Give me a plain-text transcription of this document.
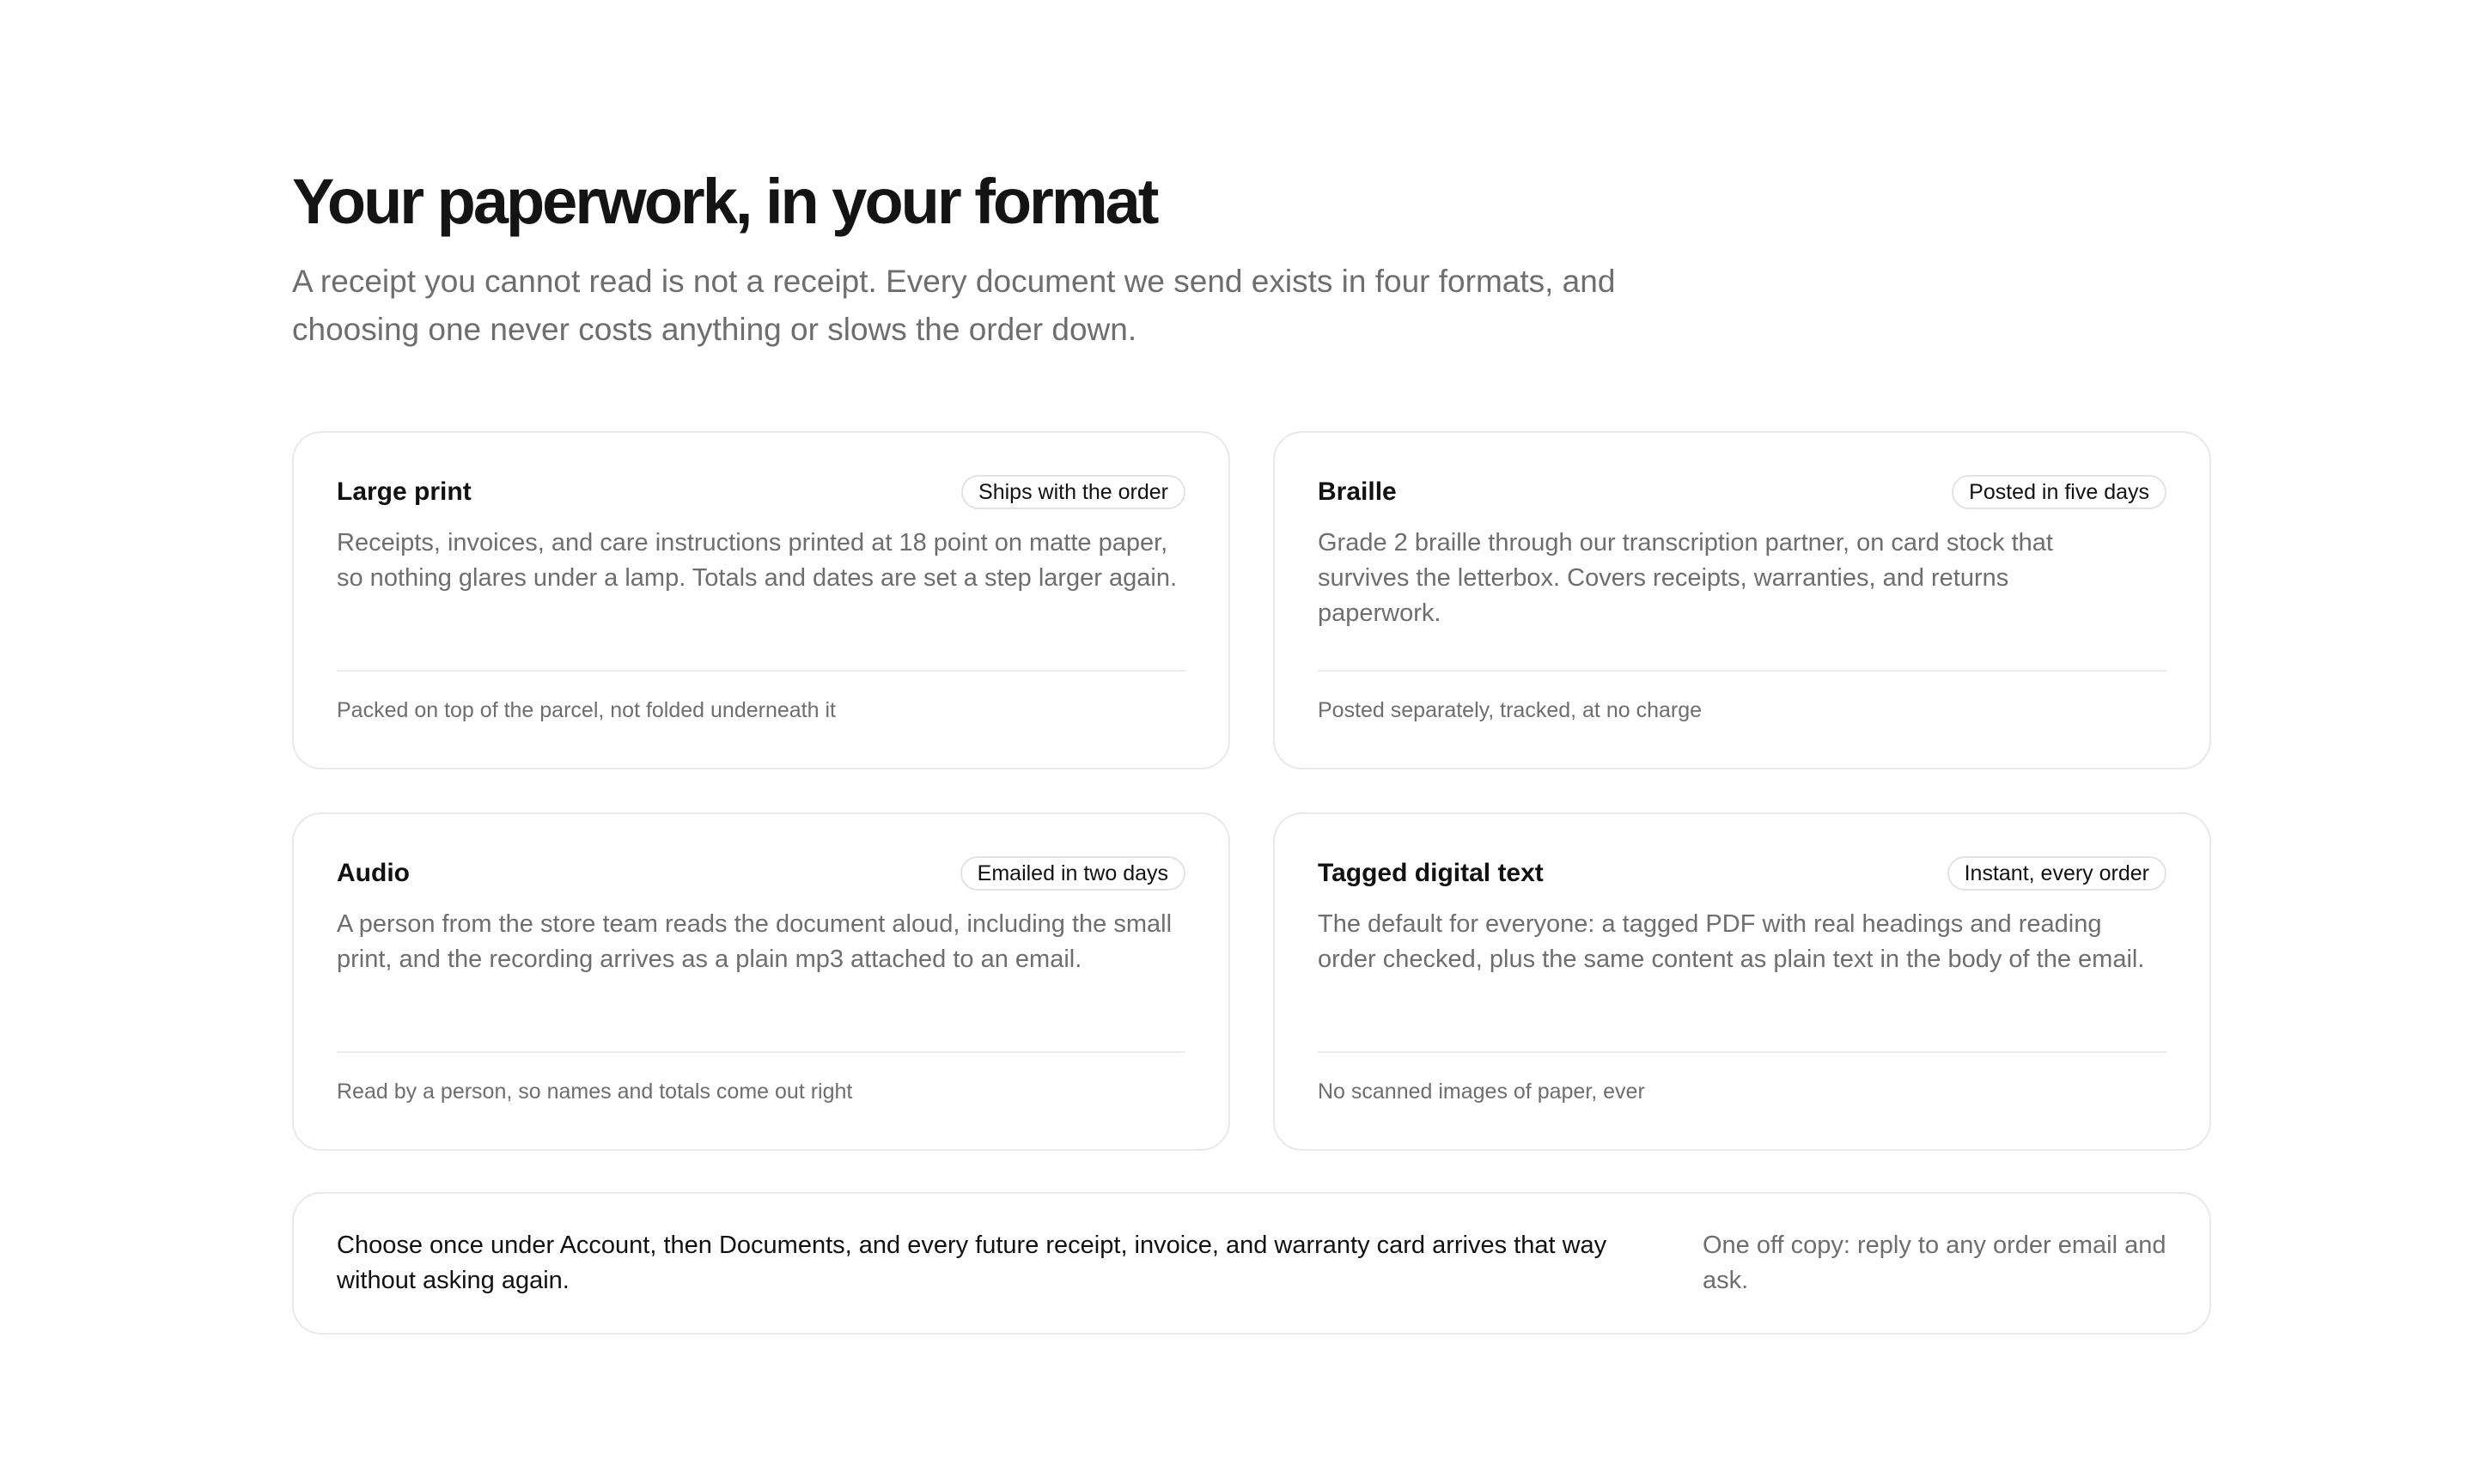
Your paperwork, in your format

A receipt you cannot read is not a receipt. Every document we send exists in four formats, and choosing one never costs anything or slows the order down.

Large print	Ships with the order

Receipts, invoices, and care instructions printed at 18 point on matte paper, so nothing glares under a lamp. Totals and dates are set a step larger again.

Packed on top of the parcel, not folded underneath it
Braille	Posted in five days

Grade 2 braille through our transcription partner, on card stock that survives the letterbox. Covers receipts, warranties, and returns paperwork.

Posted separately, tracked, at no charge
Audio	Emailed in two days

A person from the store team reads the document aloud, including the small print, and the recording arrives as a plain mp3 attached to an email.

Read by a person, so names and totals come out right
Tagged digital text	Instant, every order

The default for everyone: a tagged PDF with real headings and reading order checked, plus the same content as plain text in the body of the email.

No scanned images of paper, ever
Choose once under Account, then Documents, and every future receipt, invoice, and warranty card arrives that way without asking again.
One off copy: reply to any order email and ask.
